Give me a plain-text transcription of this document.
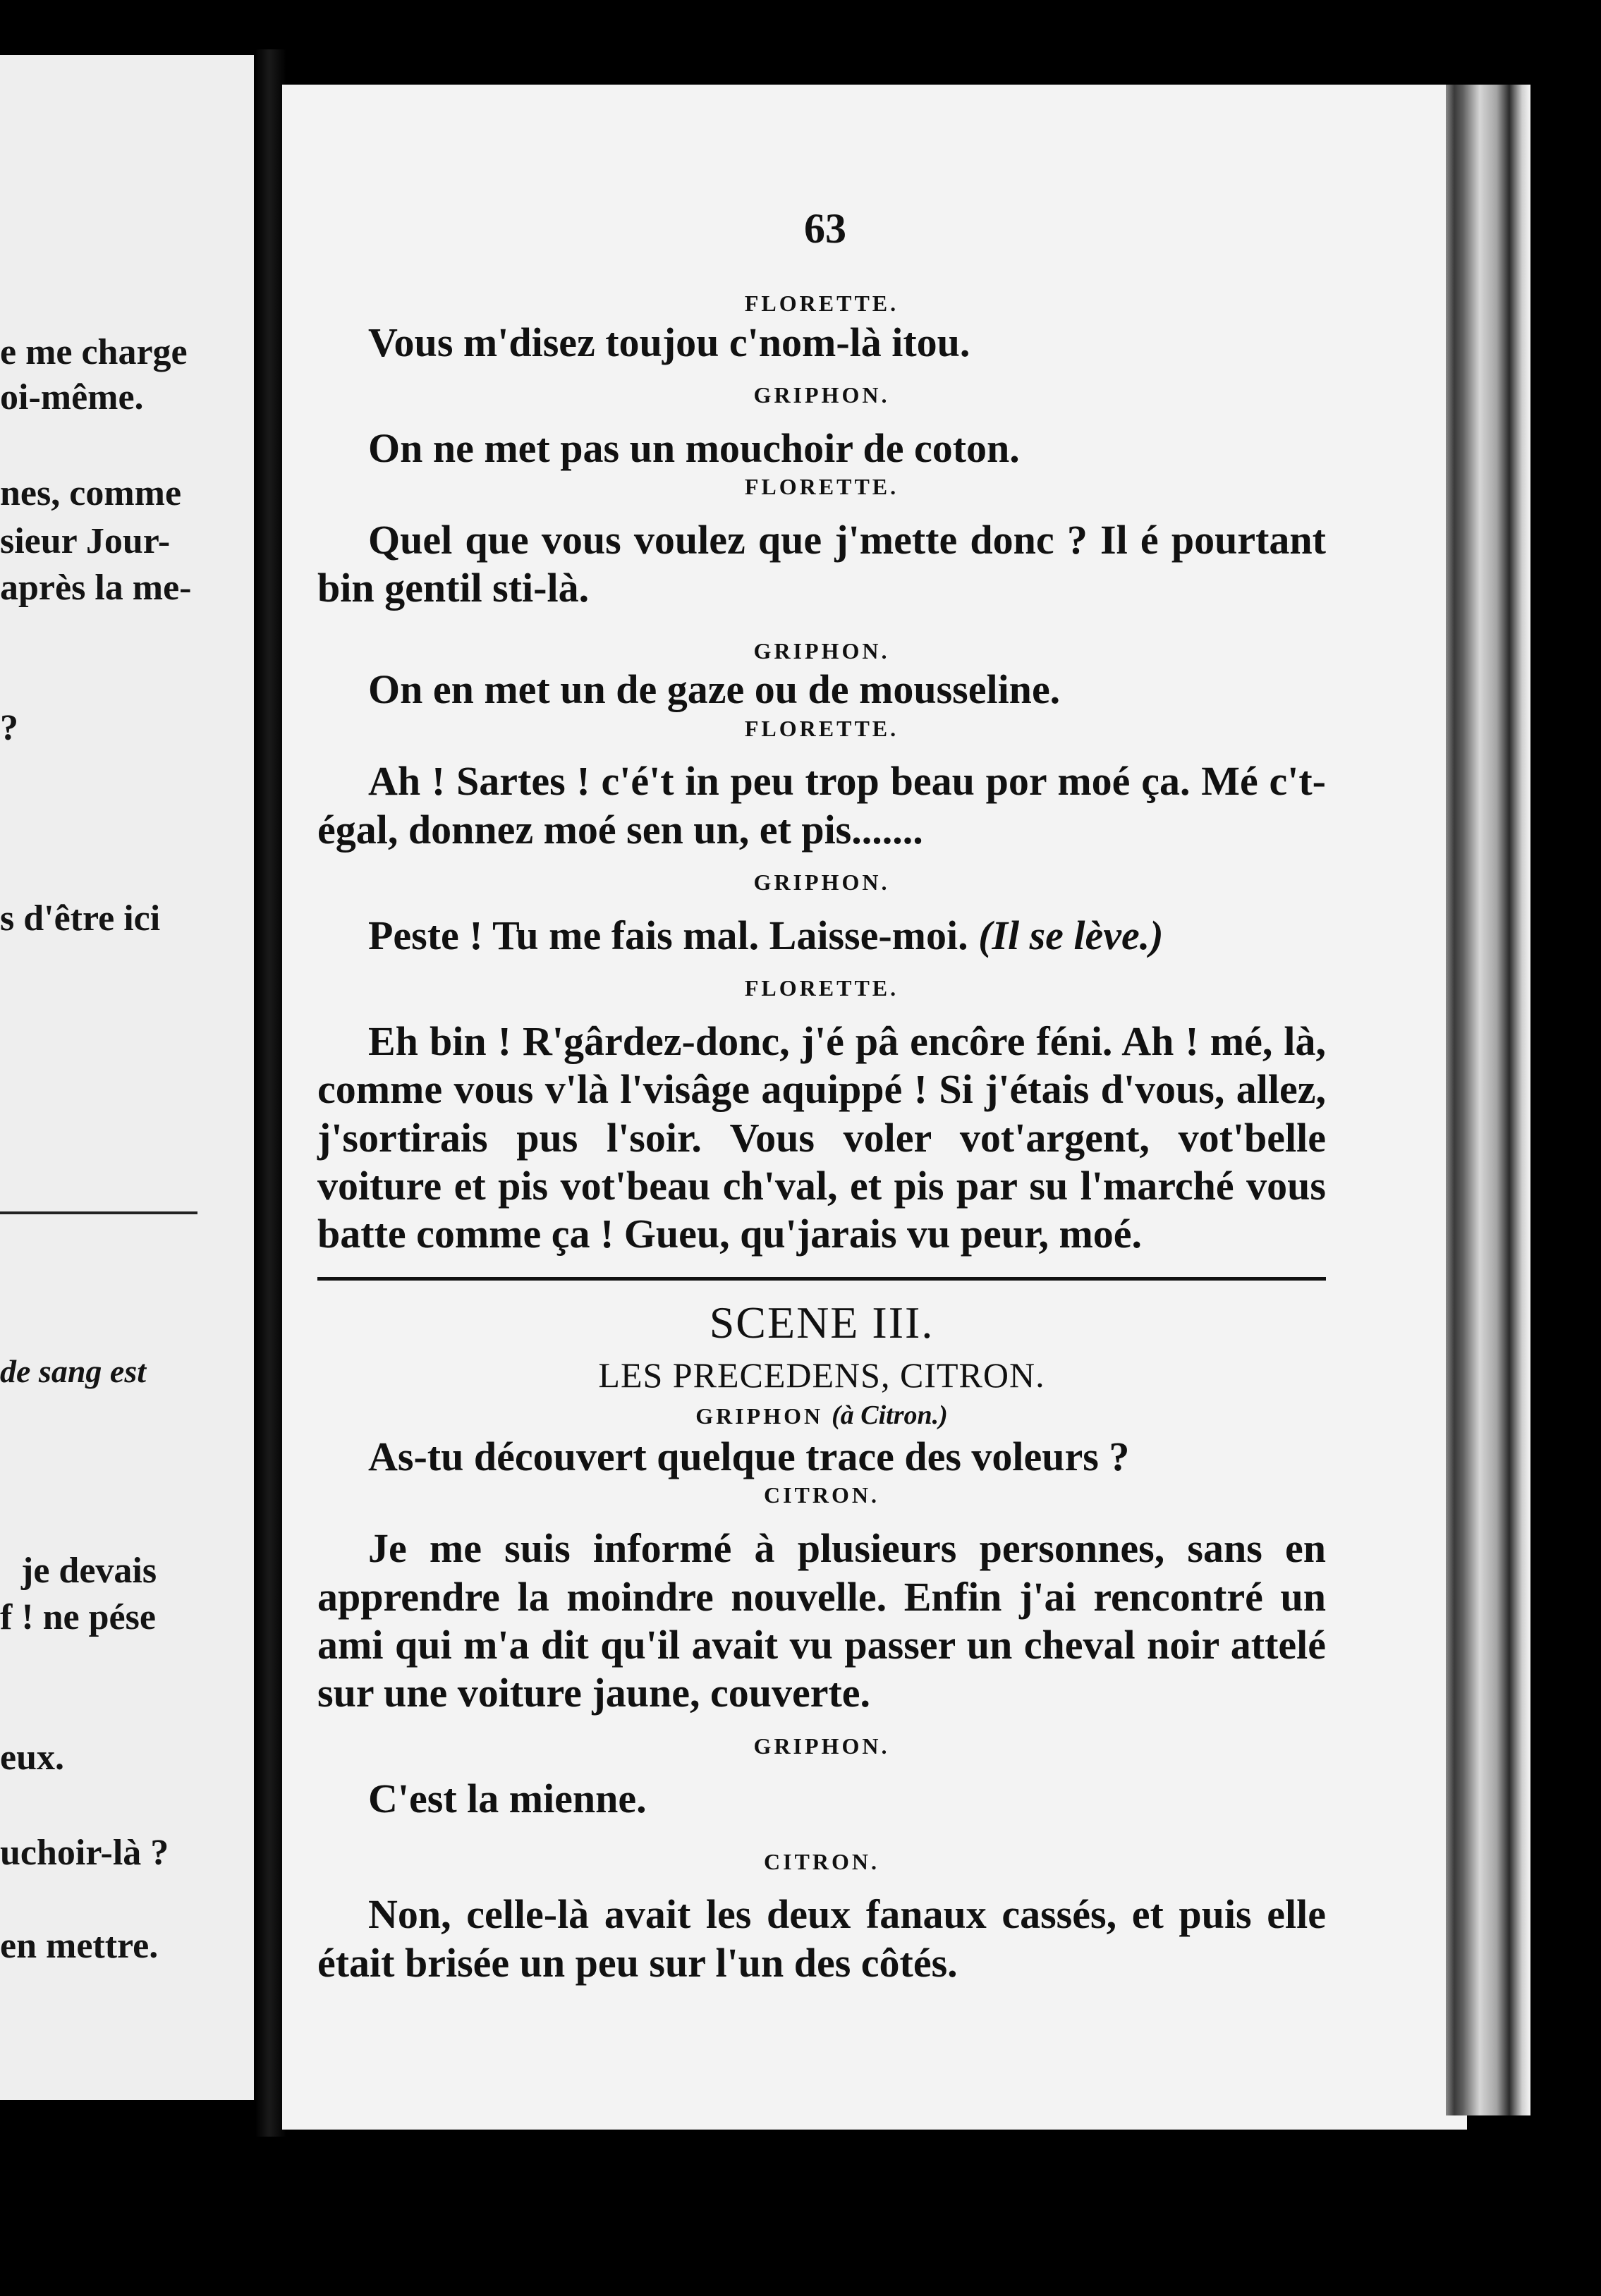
e me charge
oi-même.
nes, comme
sieur Jour-
après la me-
?
s d'être ici
de sang est
je devais
f ! ne pése
eux.
uchoir-là ?
en mettre.
63

FLORETTE.

Vous m'disez toujou c'nom-là itou.

GRIPHON.

On ne met pas un mouchoir de coton.

FLORETTE.

Quel que vous voulez que j'mette donc ? Il é pourtant bin gentil sti-là.

GRIPHON.

On en met un de gaze ou de mousseline.

FLORETTE.

Ah ! Sartes ! c'é't in peu trop beau por moé ça. Mé c't-égal, donnez moé sen un, et pis.......

GRIPHON.

Peste ! Tu me fais mal. Laisse-moi. (Il se lève.)

FLORETTE.

Eh bin ! R'gârdez-donc, j'é pâ encôre féni. Ah ! mé, là, comme vous v'là l'visâge aquippé ! Si j'étais d'vous, allez, j'sortirais pus l'soir. Vous voler vot'argent, vot'belle voiture et pis vot'beau ch'val, et pis par su l'marché vous batte comme ça ! Gueu, qu'jarais vu peur, moé.

SCENE III.

LES PRECEDENS, CITRON.

GRIPHON (à Citron.)

As-tu découvert quelque trace des voleurs ?

CITRON.

Je me suis informé à plusieurs personnes, sans en apprendre la moindre nouvelle. Enfin j'ai rencontré un ami qui m'a dit qu'il avait vu passer un cheval noir attelé sur une voiture jaune, couverte.

GRIPHON.

C'est la mienne.

CITRON.

Non, celle-là avait les deux fanaux cassés, et puis elle était brisée un peu sur l'un des côtés.
